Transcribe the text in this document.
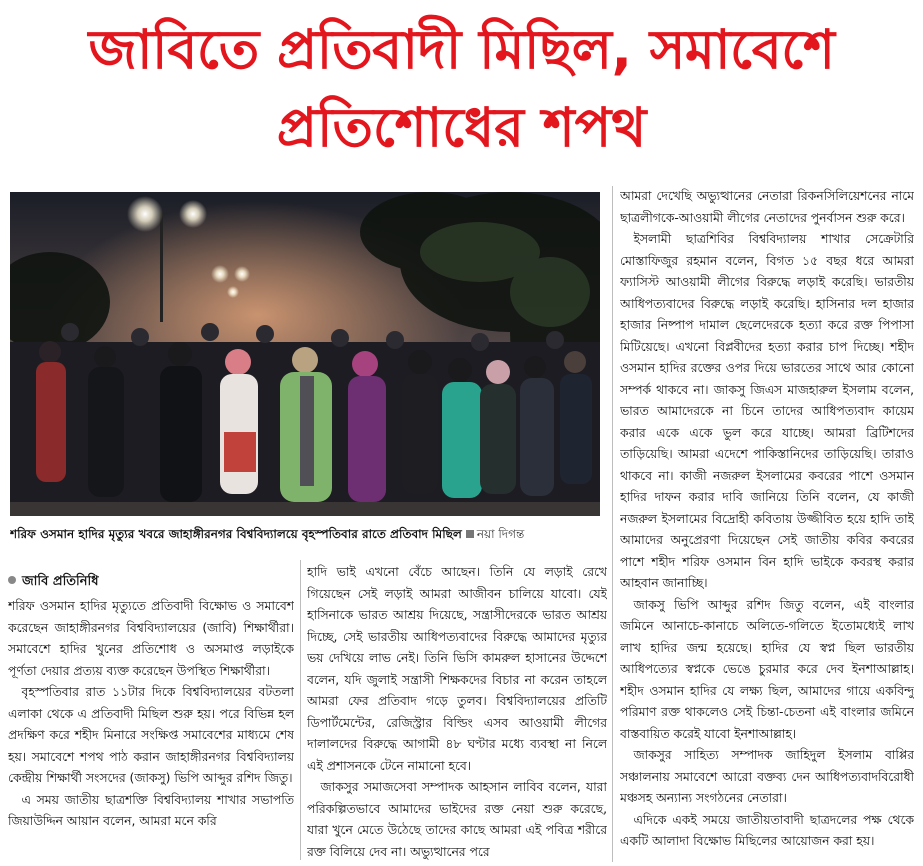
জাবিতে প্রতিবাদী মিছিল, সমাবেশে
প্রতিশোধের শপথ
শরিফ ওসমান হাদির মৃত্যুর খবরে জাহাঙ্গীরনগর বিশ্ববিদ্যালয়ে বৃহস্পতিবার রাতে প্রতিবাদ মিছিল নয়া দিগন্ত
জাবি প্রতিনিধি

শরিফ ওসমান হাদির মৃত্যুতে প্রতিবাদী বিক্ষোভ ও সমাবেশ করেছেন জাহাঙ্গীরনগর বিশ্ববিদ্যালয়ের (জাবি) শিক্ষার্থীরা। সমাবেশে হাদির খুনের প্রতিশোধ ও অসমাপ্ত লড়াইকে পূর্ণতা দেয়ার প্রত্যয় ব্যক্ত করেছেন উপস্থিত শিক্ষার্থীরা।

বৃহস্পতিবার রাত ১১টার দিকে বিশ্ববিদ্যালয়ের বটতলা এলাকা থেকে এ প্রতিবাদী মিছিল শুরু হয়। পরে বিভিন্ন হল প্রদক্ষিণ করে শহীদ মিনারে সংক্ষিপ্ত সমাবেশের মাধ্যমে শেষ হয়। সমাবেশে শপথ পাঠ করান জাহাঙ্গীরনগর বিশ্ববিদ্যালয় কেন্দ্রীয় শিক্ষার্থী সংসদের (জাকসু) ভিপি আব্দুর রশিদ জিতু।

এ সময় জাতীয় ছাত্রশক্তি বিশ্ববিদ্যালয় শাখার সভাপতি জিয়াউদ্দিন আয়ান বলেন, আমরা মনে করি

হাদি ভাই এখনো বেঁচে আছেন। তিনি যে লড়াই রেখে গিয়েছেন সেই লড়াই আমরা আজীবন চালিয়ে যাবো। যেই হাসিনাকে ভারত আশ্রয় দিয়েছে, সন্ত্রাসীদেরকে ভারত আশ্রয় দিচ্ছে, সেই ভারতীয় আধিপত্যবাদের বিরুদ্ধে আমাদের মৃত্যুর ভয় দেখিয়ে লাভ নেই। তিনি ভিসি কামরুল হাসানের উদ্দেশে বলেন, যদি জুলাই সন্ত্রাসী শিক্ষকদের বিচার না করেন তাহলে আমরা ফের প্রতিবাদ গড়ে তুলব। বিশ্ববিদ্যালয়ের প্রতিটি ডিপার্টমেন্টের, রেজিস্ট্রার বিল্ডিং এসব আওয়ামী লীগের দালালদের বিরুদ্ধে আগামী ৪৮ ঘণ্টার মধ্যে ব্যবস্থা না নিলে এই প্রশাসনকে টেনে নামানো হবে।

জাকসুর সমাজসেবা সম্পাদক আহসান লাবিব বলেন, যারা পরিকল্পিতভাবে আমাদের ভাইদের রক্ত নেয়া শুরু করেছে, যারা খুনে মেতে উঠেছে তাদের কাছে আমরা এই পবিত্র শরীরে রক্ত বিলিয়ে দেব না। অভ্যুত্থানের পরে

আমরা দেখেছি অভ্যুত্থানের নেতারা রিকনসিলিয়েশনের নামে ছাত্রলীগকে-আওয়ামী লীগের নেতাদের পুনর্বাসন শুরু করে।

ইসলামী ছাত্রশিবির বিশ্ববিদ্যালয় শাখার সেক্রেটারি মোস্তাফিজুর রহমান বলেন, বিগত ১৫ বছর ধরে আমরা ফ্যাসিস্ট আওয়ামী লীগের বিরুদ্ধে লড়াই করেছি। ভারতীয় আধিপত্যবাদের বিরুদ্ধে লড়াই করেছি। হাসিনার দল হাজার হাজার নিষ্পাপ দামাল ছেলেদেরকে হত্যা করে রক্ত পিপাসা মিটিয়েছে। এখনো বিপ্লবীদের হত্যা করার চাপ দিচ্ছে। শহীদ ওসমান হাদির রক্তের ওপর দিয়ে ভারতের সাথে আর কোনো সম্পর্ক থাকবে না। জাকসু জিএস মাজহারুল ইসলাম বলেন, ভারত আমাদেরকে না চিনে তাদের আধিপত্যবাদ কায়েম করার একে একে ভুল করে যাচ্ছে। আমরা ব্রিটিশদের তাড়িয়েছি। আমরা এদেশে পাকিস্তানিদের তাড়িয়েছি। তারাও থাকবে না। কাজী নজরুল ইসলামের কবরের পাশে ওসমান হাদির দাফন করার দাবি জানিয়ে তিনি বলেন, যে কাজী নজরুল ইসলামের বিদ্রোহী কবিতায় উজ্জীবিত হয়ে হাদি তাই আমাদের অনুপ্রেরণা দিয়েছেন সেই জাতীয় কবির কবরের পাশে শহীদ শরিফ ওসমান বিন হাদি ভাইকে কবরস্থ করার আহবান জানাচ্ছি।

জাকসু ভিপি আব্দুর রশিদ জিতু বলেন, এই বাংলার জমিনে আনাচে-কানাচে অলিতে-গলিতে ইতোমধ্যেই লাখ লাখ হাদির জন্ম হয়েছে। হাদির যে স্বপ্ন ছিল ভারতীয় আধিপত্যের স্বপ্নকে ভেঙে চুরমার করে দেব ইনশাআল্লাহ। শহীদ ওসমান হাদির যে লক্ষ্য ছিল, আমাদের গায়ে একবিন্দু পরিমাণ রক্ত থাকলেও সেই চিন্তা-চেতনা এই বাংলার জমিনে বাস্তবায়িত করেই যাবো ইনশাআল্লাহ।

জাকসুর সাহিত্য সম্পাদক জাহিদুল ইসলাম বাপ্পির সঞ্চালনায় সমাবেশে আরো বক্তব্য দেন আধিপত্যবাদবিরোধী মঞ্চসহ অন্যান্য সংগঠনের নেতারা।

এদিকে একই সময়ে জাতীয়তাবাদী ছাত্রদলের পক্ষ থেকে একটি আলাদা বিক্ষোভ মিছিলের আয়োজন করা হয়।
